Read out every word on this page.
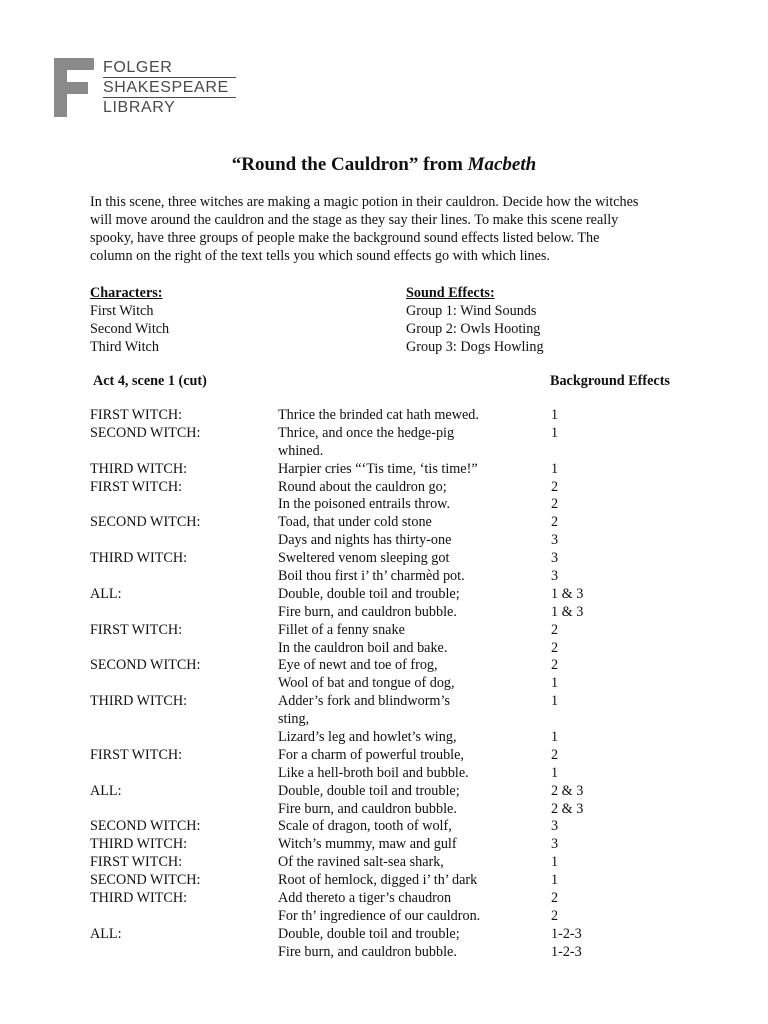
FOLGER
SHAKESPEARE
LIBRARY
“Round the Cauldron” from Macbeth
In this scene, three witches are making a magic potion in their cauldron. Decide how the witches
will move around the cauldron and the stage as they say their lines. To make this scene really
spooky, have three groups of people make the background sound effects listed below. The
column on the right of the text tells you which sound effects go with which lines.
Characters:
First Witch
Second Witch
Third Witch
Sound Effects:
Group 1: Wind Sounds
Group 2: Owls Hooting
Group 3: Dogs Howling
Act 4, scene 1 (cut)	Background Effects
FIRST WITCH:	Thrice the brinded cat hath mewed.	1
SECOND WITCH:	Thrice, and once the hedge-pig	1
whined.
THIRD WITCH:	Harpier cries “‘Tis time, ‘tis time!”	1
FIRST WITCH:	Round about the cauldron go;	2
In the poisoned entrails throw.	2
SECOND WITCH:	Toad, that under cold stone	2
Days and nights has thirty-one	3
THIRD WITCH:	Sweltered venom sleeping got	3
Boil thou first i’ th’ charmèd pot.	3
ALL:	Double, double toil and trouble;	1 & 3
Fire burn, and cauldron bubble.	1 & 3
FIRST WITCH:	Fillet of a fenny snake	2
In the cauldron boil and bake.	2
SECOND WITCH:	Eye of newt and toe of frog,	2
Wool of bat and tongue of dog,	1
THIRD WITCH:	Adder’s fork and blindworm’s	1
sting,
Lizard’s leg and howlet’s wing,	1
FIRST WITCH:	For a charm of powerful trouble,	2
Like a hell-broth boil and bubble.	1
ALL:	Double, double toil and trouble;	2 & 3
Fire burn, and cauldron bubble.	2 & 3
SECOND WITCH:	Scale of dragon, tooth of wolf,	3
THIRD WITCH:	Witch’s mummy, maw and gulf	3
FIRST WITCH:	Of the ravined salt-sea shark,	1
SECOND WITCH:	Root of hemlock, digged i’ th’ dark	1
THIRD WITCH:	Add thereto a tiger’s chaudron	2
For th’ ingredience of our cauldron.	2
ALL:	Double, double toil and trouble;	1-2-3
Fire burn, and cauldron bubble.	1-2-3
